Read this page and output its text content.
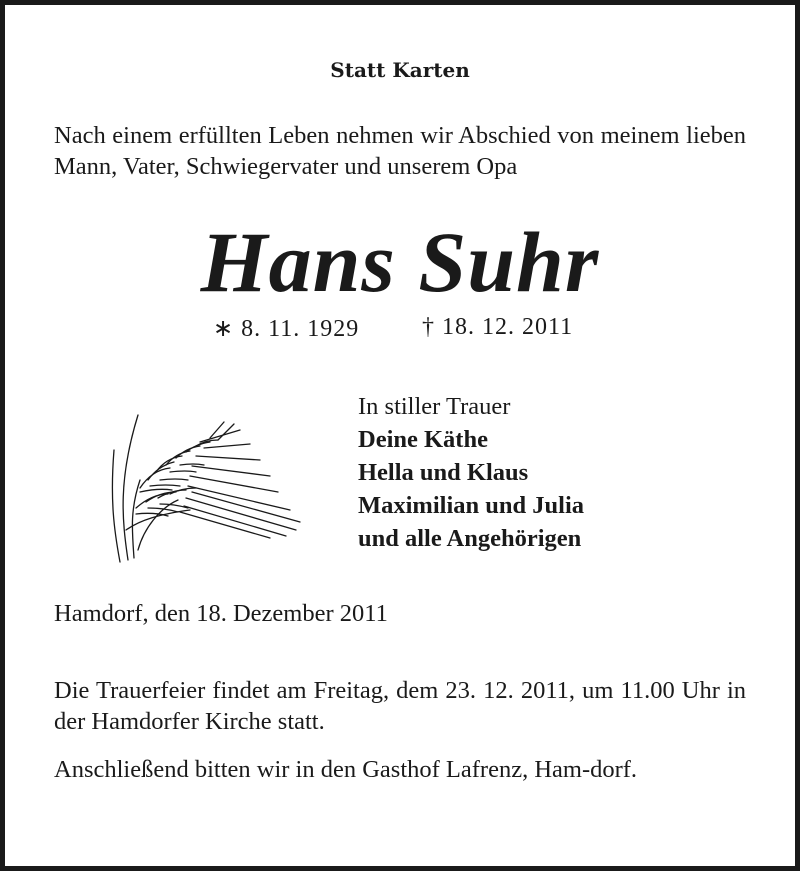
Statt Karten
Nach einem erfüllten Leben nehmen wir Abschied von meinem lieben Mann, Vater, Schwiegervater und unserem Opa
Hans Suhr
∗ 8. 11. 1929	† 18. 12. 2011
In stiller Trauer
Deine Käthe
Hella und Klaus
Maximilian und Julia
und alle Angehörigen
Hamdorf, den 18. Dezember 2011
Die Trauerfeier findet am Freitag, dem 23. 12. 2011, um 11.00 Uhr in der Hamdorfer Kirche statt.
Anschließend bitten wir in den Gasthof Lafrenz, Ham-dorf.
